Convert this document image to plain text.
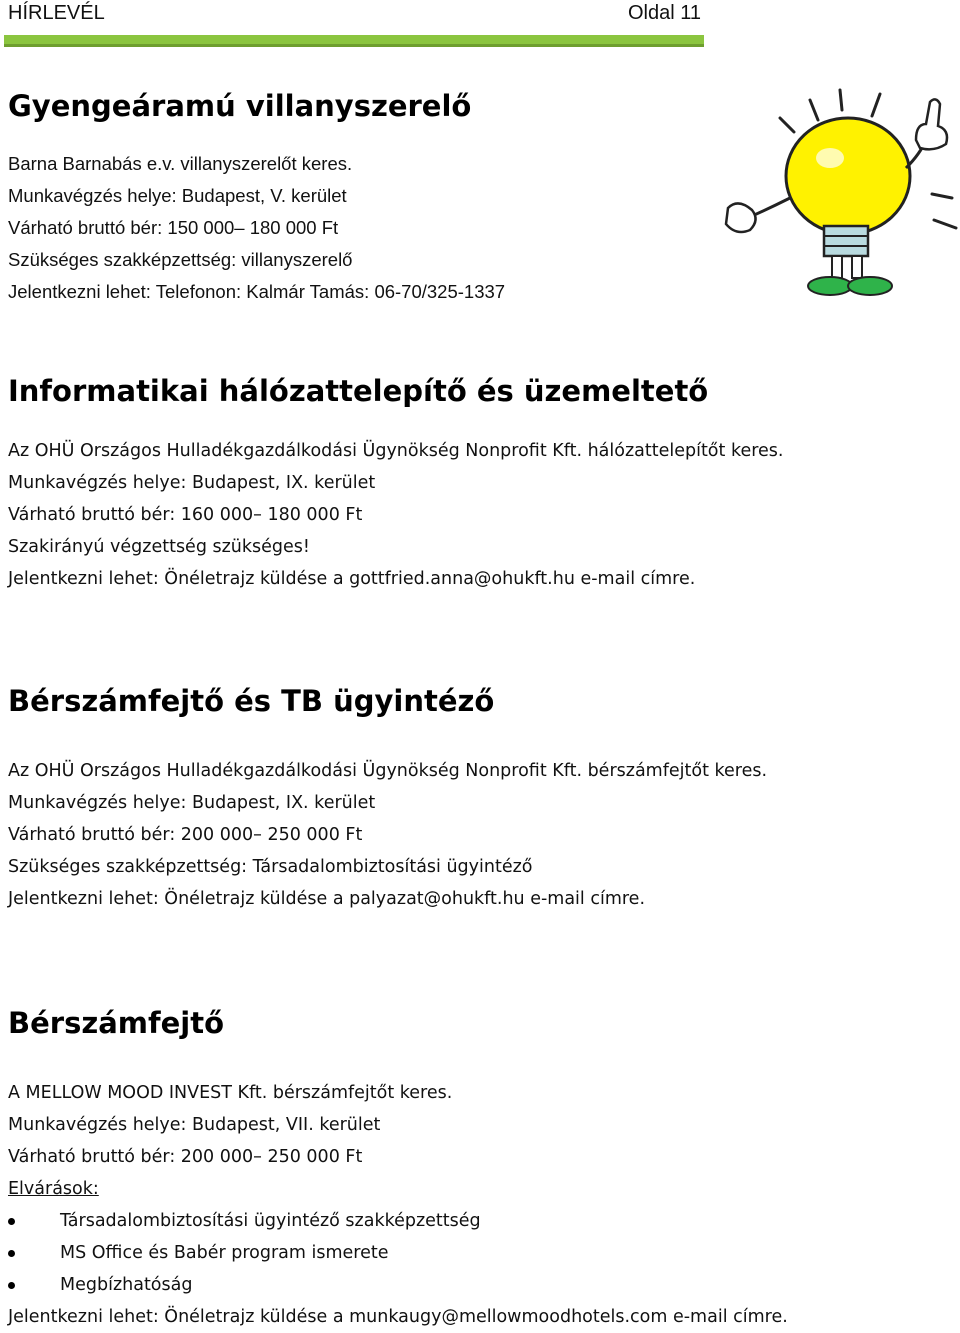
HÍRLEVÉL	Oldal 11
Gyengeáramú villanyszerelő
Barna Barnabás e.v. villanyszerelőt keres.
Munkavégzés helye: Budapest, V. kerület
Várható bruttó bér: 150 000– 180 000 Ft
Szükséges szakképzettség: villanyszerelő
Jelentkezni lehet: Telefonon: Kalmár Tamás: 06-70/325-1337
Informatikai hálózattelepítő és üzemeltető
Az OHÜ Országos Hulladékgazdálkodási Ügynökség Nonprofit Kft. hálózattelepítőt keres.
Munkavégzés helye: Budapest, IX. kerület
Várható bruttó bér: 160 000– 180 000 Ft
Szakirányú végzettség szükséges!
Jelentkezni lehet: Önéletrajz küldése a gottfried.anna@ohukft.hu e-mail címre.
Bérszámfejtő és TB ügyintéző
Az OHÜ Országos Hulladékgazdálkodási Ügynökség Nonprofit Kft. bérszámfejtőt keres.
Munkavégzés helye: Budapest, IX. kerület
Várható bruttó bér: 200 000– 250 000 Ft
Szükséges szakképzettség: Társadalombiztosítási ügyintéző
Jelentkezni lehet: Önéletrajz küldése a palyazat@ohukft.hu e-mail címre.
Bérszámfejtő
A MELLOW MOOD INVEST Kft. bérszámfejtőt keres.
Munkavégzés helye: Budapest, VII. kerület
Várható bruttó bér: 200 000– 250 000 Ft
Elvárások:
Társadalombiztosítási ügyintéző szakképzettség
MS Office és Babér program ismerete
Megbízhatóság
Jelentkezni lehet: Önéletrajz küldése a munkaugy@mellowmoodhotels.com e-mail címre.
